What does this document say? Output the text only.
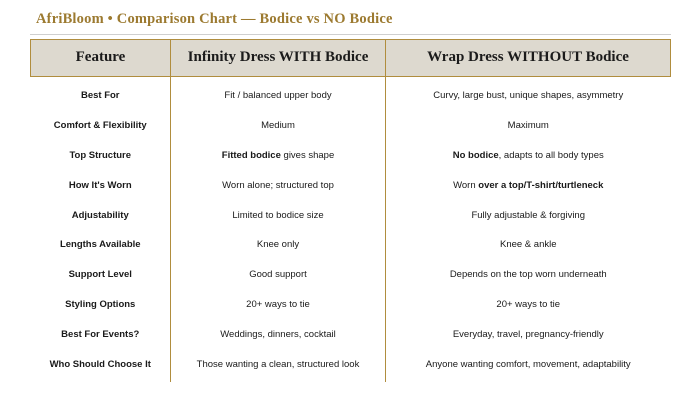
AfriBloom • Comparison Chart — Bodice vs NO Bodice
Feature	Infinity Dress WITH Bodice	Wrap Dress WITHOUT Bodice

Best For	Fit / balanced upper body	Curvy, large bust, unique shapes, asymmetry
Comfort & Flexibility	Medium	Maximum
Top Structure	Fitted bodice gives shape	No bodice, adapts to all body types
How It's Worn	Worn alone; structured top	Worn over a top/T-shirt/turtleneck
Adjustability	Limited to bodice size	Fully adjustable & forgiving
Lengths Available	Knee only	Knee & ankle
Support Level	Good support	Depends on the top worn underneath
Styling Options	20+ ways to tie	20+ ways to tie
Best For Events?	Weddings, dinners, cocktail	Everyday, travel, pregnancy-friendly
Who Should Choose It	Those wanting a clean, structured look	Anyone wanting comfort, movement, adaptability
